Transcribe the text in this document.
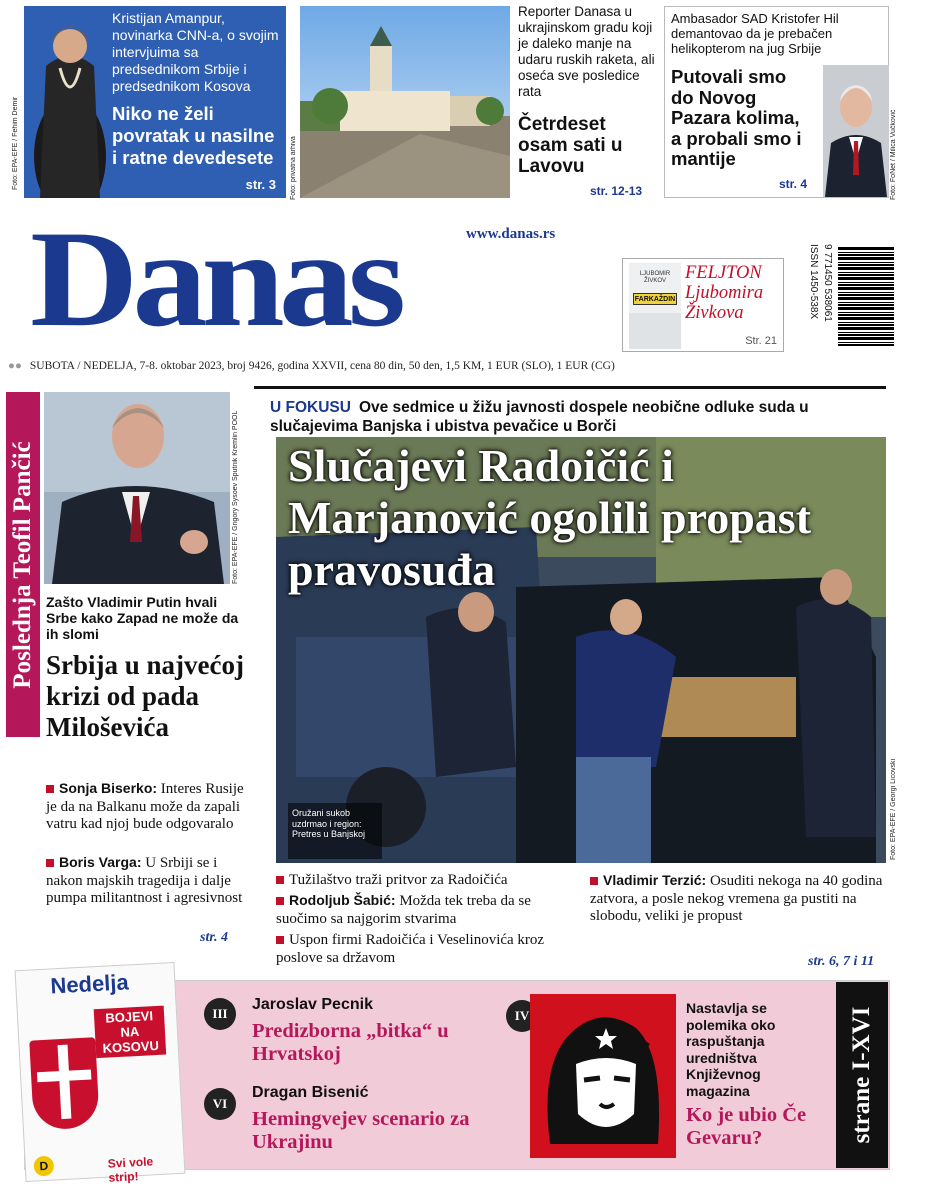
Kristijan Amanpur, novinarka CNN-a, o svojim intervjuima sa predsednikom Srbije i predsednikom Kosova
Niko ne želi povratak u nasilne i ratne devedesete
str. 3
Foto: EPA-EFE / Fehim Demir	Foto: privatna arhiva
Reporter Danasa u ukrajinskom gradu koji je daleko manje na udaru ruskih raketa, ali oseća sve posledice rata
Četrdeset osam sati u Lavovu
str. 12-13
Ambasador SAD Kristofer Hil demantovao da je prebačen helikopterom na jug Srbije
Putovali smo do Novog Pazara kolima, a probali smo i mantije
str. 4	Foto: FoNet / Milica Vučković
Danas	www.danas.rs
LJUBOMIR ŽIVKOV
FARKAŽDIN
FELJTON
Ljubomira
Živkova
Str. 21
ISSN 1450-538X 9 771450 538061
●● SUBOTA / NEDELJA, 7-8. oktobar 2023, broj 9426, godina XXVII, cena 80 din, 50 den, 1,5 KM, 1 EUR (SLO), 1 EUR (CG)
Poslednja Teofil Pančić	Foto: EPA-EFE / Grigory Sysoev Sputnik Kremlin POOL
Zašto Vladimir Putin hvali Srbe kako Zapad ne može da ih slomi
Srbija u najvećoj krizi od pada Miloševića
Sonja Biserko: Interes Rusije je da na Balkanu može da zapali vatru kad njoj bude odgovaralo
Boris Varga: U Srbiji se i nakon majskih tragedija i dalje pumpa militantnost i agresivnost
str. 4
U FOKUSU Ove sedmice u žižu javnosti dospele neobične odluke suda u slučajevima Banjska i ubistva pevačice u Borči
Foto: EPA-EFE / Georgi Licovski
Slučajevi Radoičić i Marjanović ogolili propast pravosuđa
Oružani sukob uzdrmao i region: Pretres u Banjskoj
Tužilaštvo traži pritvor za Radoičića
Rodoljub Šabić: Možda tek treba da se suočimo sa najgorim stvarima
Uspon firmi Radoičića i Veselinovića kroz poslove sa državom
Vladimir Terzić: Osuditi nekoga na 40 godina zatvora, a posle nekog vremena ga pustiti na slobodu, veliki je propust
str. 6, 7 i 11
Nedelja
BOJEVI NA KOSOVU
D	Svi vole strip!
III
Jaroslav Pecnik
Predizborna „bitka“ u Hrvatskoj
VI
Dragan Bisenić
Hemingvejev scenario za Ukrajinu
IV	Nastavlja se polemika oko raspuštanja uredništva Književnog magazina
Ko je ubio Če Gevaru?	strane I-XVI
